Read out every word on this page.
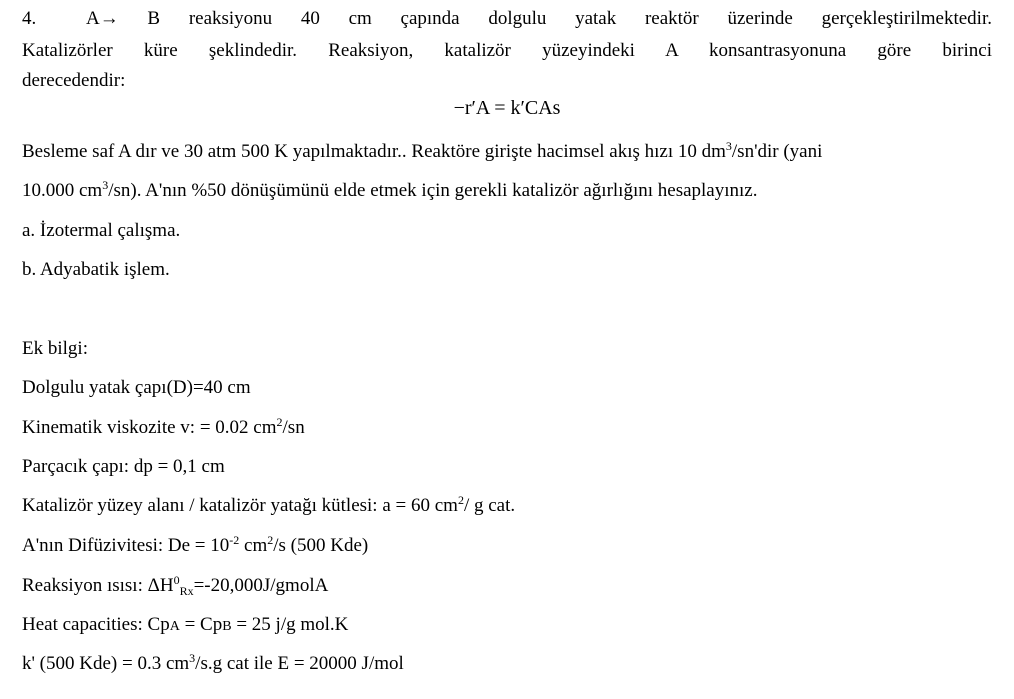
4.	A→ B reaksiyonu 40 cm çapında dolgulu yatak reaktör üzerinde gerçekleştirilmektedir.
Katalizörler küre şeklindedir. Reaksiyon, katalizör yüzeyindeki A konsantrasyonuna göre birinci
derecedendir:
−r′A = k′CAs
Besleme saf A dır ve 30 atm 500 K yapılmaktadır.. Reaktöre girişte hacimsel akış hızı 10 $dm^3/sn'dir$ (yani
10.000 $cm^3/sn$). A'nın %50 dönüşümünü elde etmek için gerekli katalizör ağırlığını hesaplayınız.
a. İzotermal çalışma.
b. Adyabatik işlem.
Ek bilgi:
Dolgulu yatak çapı(D)=40 cm
Kinematik viskozite v: = 0.02 $cm^2/sn$
Parçacık çapı: dp = 0,1 cm
Katalizör yüzey alanı / katalizör yatağı kütlesi: a = 60 $cm^2/$ g cat.
A'nın Difüzivitesi: $De = 10^{-2}$ $cm^2/s$ (500 Kde)
Reaksiyon ısısı: $\Delta H^0_{Rx}=-20,000J$/gmolA
Heat capacities: CpA = CpB = 25 j/g mol.K
k' (500 Kde) = 0.3 $cm^3/s.g$ cat ile E = 20000 J/mol
